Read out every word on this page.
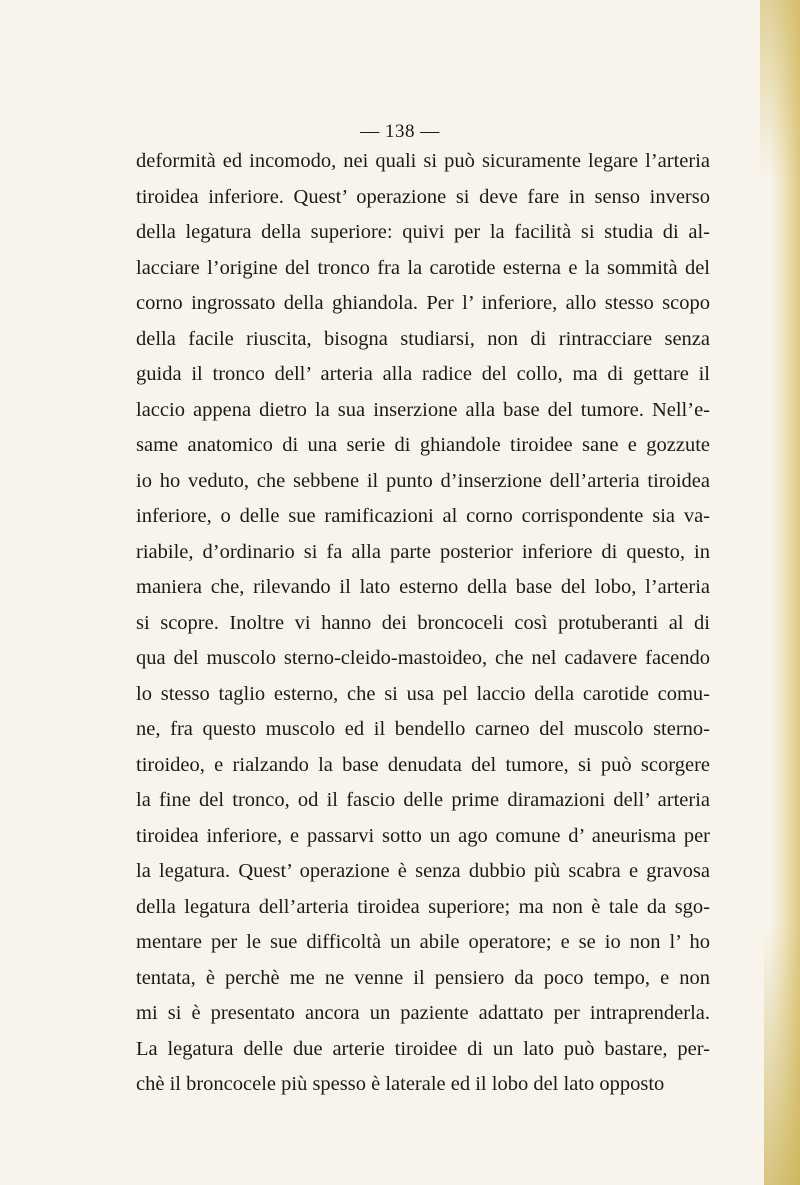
— 138 —
deformità ed incomodo, nei quali si può sicuramente legare l’arteria
tiroidea inferiore. Quest’ operazione si deve fare in senso inverso
della legatura della superiore: quivi per la facilità si studia di al-
lacciare l’origine del tronco fra la carotide esterna e la sommità del
corno ingrossato della ghiandola. Per l’ inferiore, allo stesso scopo
della facile riuscita, bisogna studiarsi, non di rintracciare senza
guida il tronco dell’ arteria alla radice del collo, ma di gettare il
laccio appena dietro la sua inserzione alla base del tumore. Nell’e-
same anatomico di una serie di ghiandole tiroidee sane e gozzute
io ho veduto, che sebbene il punto d’inserzione dell’arteria tiroidea
inferiore, o delle sue ramificazioni al corno corrispondente sia va-
riabile, d’ordinario si fa alla parte posterior inferiore di questo, in
maniera che, rilevando il lato esterno della base del lobo, l’arteria
si scopre. Inoltre vi hanno dei broncoceli così protuberanti al di
qua del muscolo sterno-cleido-mastoideo, che nel cadavere facendo
lo stesso taglio esterno, che si usa pel laccio della carotide comu-
ne, fra questo muscolo ed il bendello carneo del muscolo sterno-
tiroideo, e rialzando la base denudata del tumore, si può scorgere
la fine del tronco, od il fascio delle prime diramazioni dell’ arteria
tiroidea inferiore, e passarvi sotto un ago comune d’ aneurisma per
la legatura. Quest’ operazione è senza dubbio più scabra e gravosa
della legatura dell’arteria tiroidea superiore; ma non è tale da sgo-
mentare per le sue difficoltà un abile operatore; e se io non l’ ho
tentata, è perchè me ne venne il pensiero da poco tempo, e non
mi si è presentato ancora un paziente adattato per intraprenderla.
La legatura delle due arterie tiroidee di un lato può bastare, per-
chè il broncocele più spesso è laterale ed il lobo del lato opposto
